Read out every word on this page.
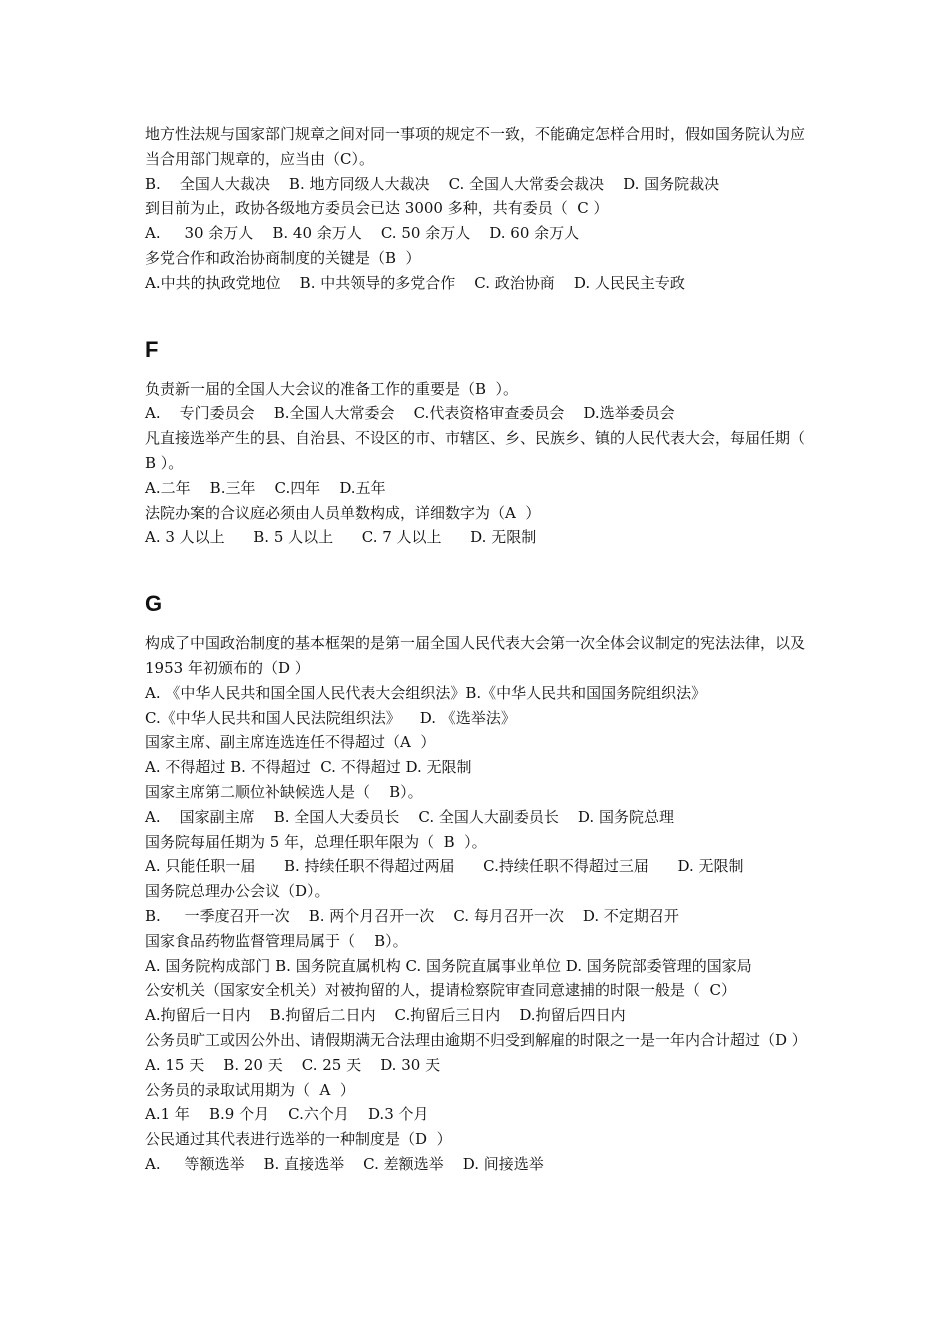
地方性法规与国家部门规章之间对同一事项的规定不一致，不能确定怎样合用时，假如国务院认为应当合用部门规章的，应当由（C）。
B.    全国人大裁决    B. 地方同级人大裁决    C. 全国人大常委会裁决    D. 国务院裁决
到目前为止，政协各级地方委员会已达 3000 多种，共有委员（  C ）
A.     30 余万人    B. 40 余万人    C. 50 余万人    D. 60 余万人
多党合作和政治协商制度的关键是（B  ）
A.中共的执政党地位    B. 中共领导的多党合作    C. 政治协商    D. 人民民主专政
F
负责新一届的全国人大会议的准备工作的重要是（B  ）。
A.    专门委员会    B.全国人大常委会    C.代表资格审查委员会    D.选举委员会
凡直接选举产生的县、自治县、不设区的市、市辖区、乡、民族乡、镇的人民代表大会，每届任期（ B ）。
A.二年    B.三年    C.四年    D.五年
法院办案的合议庭必须由人员单数构成，详细数字为（A  ）
A. 3 人以上      B. 5 人以上      C. 7 人以上      D. 无限制
G
构成了中国政治制度的基本框架的是第一届全国人民代表大会第一次全体会议制定的宪法法律，以及 1953 年初颁布的（D ）
A. 《中华人民共和国全国人民代表大会组织法》B.《中华人民共和国国务院组织法》
C.《中华人民共和国人民法院组织法》    D. 《选举法》
国家主席、副主席连选连任不得超过（A  ）
A. 不得超过 B. 不得超过  C. 不得超过 D. 无限制
国家主席第二顺位补缺候选人是（    B）。
A.    国家副主席    B. 全国人大委员长    C. 全国人大副委员长    D. 国务院总理
国务院每届任期为 5 年，总理任职年限为（  B  ）。
A. 只能任职一届      B. 持续任职不得超过两届      C.持续任职不得超过三届      D. 无限制
国务院总理办公会议（D）。
B.     一季度召开一次    B. 两个月召开一次    C. 每月召开一次    D. 不定期召开
国家食品药物监督管理局属于（    B）。
A. 国务院构成部门 B. 国务院直属机构 C. 国务院直属事业单位 D. 国务院部委管理的国家局
公安机关（国家安全机关）对被拘留的人，提请检察院审查同意逮捕的时限一般是（  C）
A.拘留后一日内    B.拘留后二日内    C.拘留后三日内    D.拘留后四日内
公务员旷工或因公外出、请假期满无合法理由逾期不归受到解雇的时限之一是一年内合计超过（D ）
A. 15 天    B. 20 天    C. 25 天    D. 30 天
公务员的录取试用期为（  A  ）
A.1 年    B.9 个月    C.六个月    D.3 个月
公民通过其代表进行选举的一种制度是（D  ）
A.     等额选举    B. 直接选举    C. 差额选举    D. 间接选举
